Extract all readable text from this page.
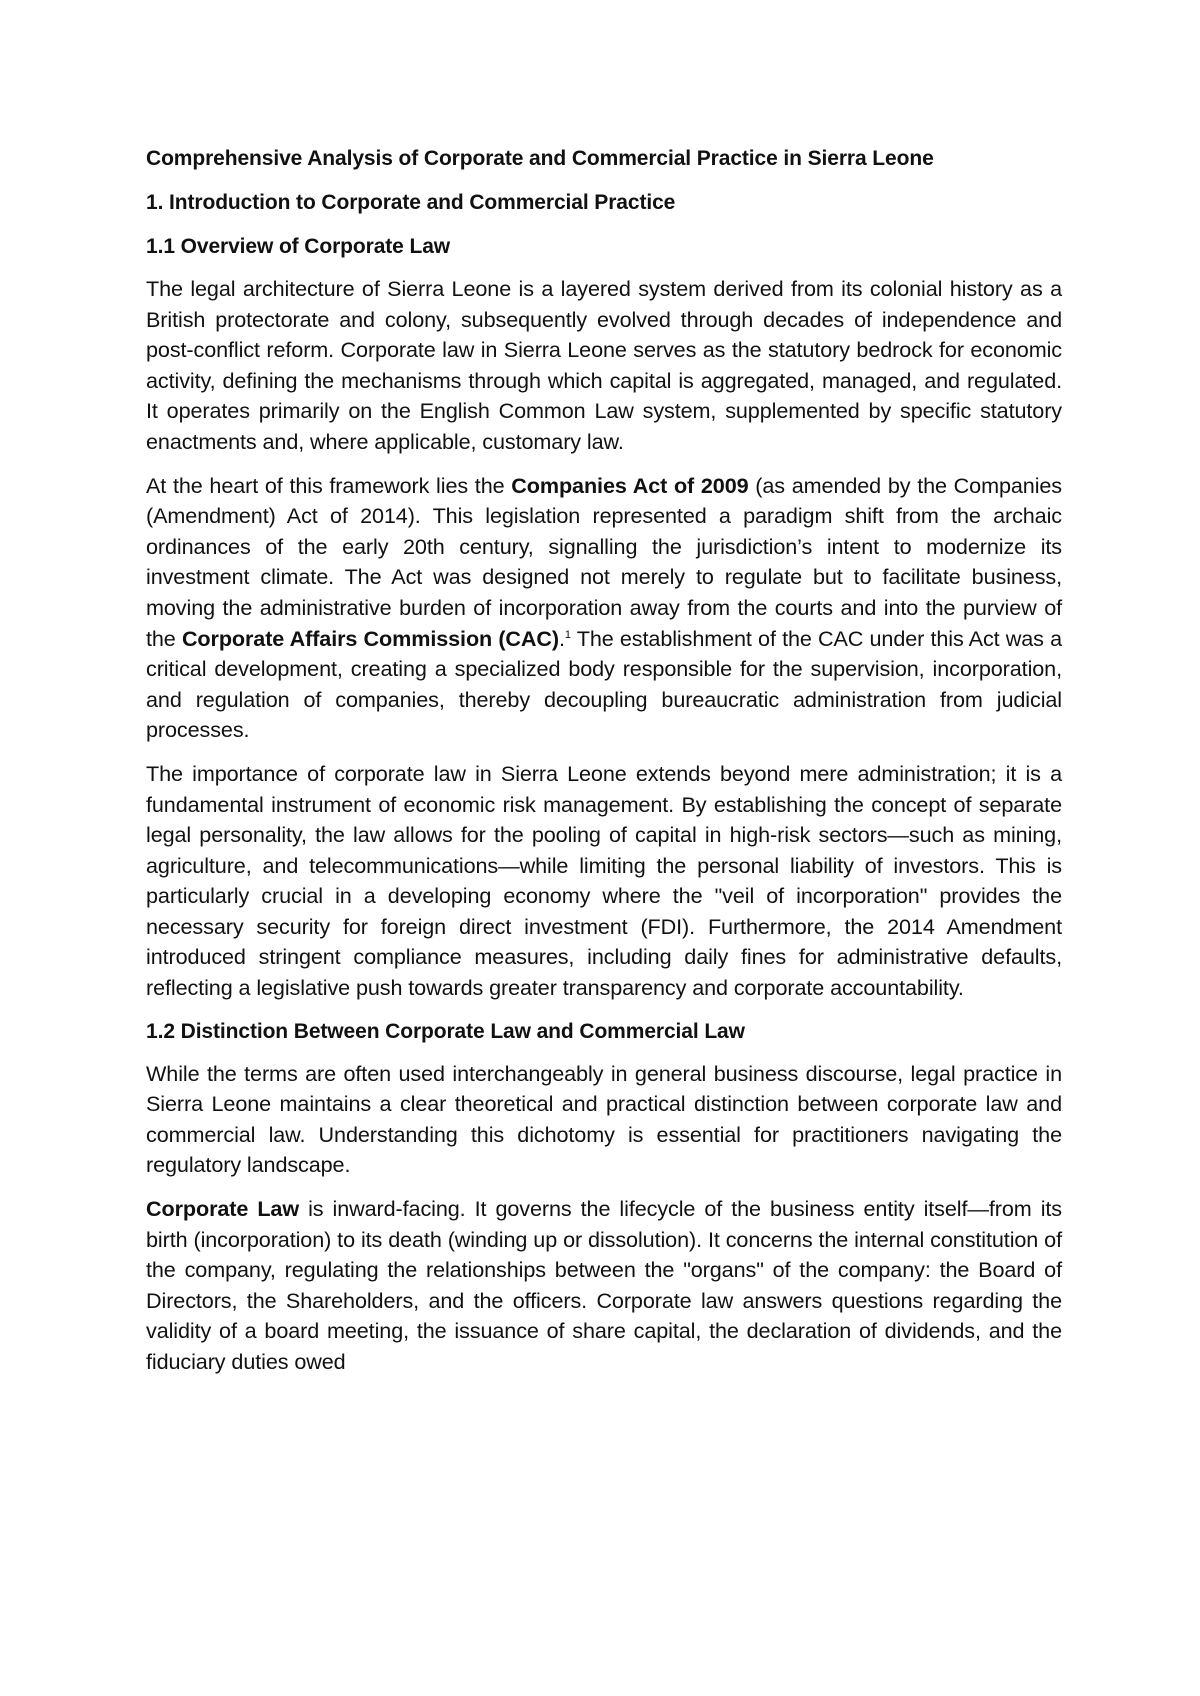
Comprehensive Analysis of Corporate and Commercial Practice in Sierra Leone
1. Introduction to Corporate and Commercial Practice
1.1 Overview of Corporate Law

The legal architecture of Sierra Leone is a layered system derived from its colonial history as a British protectorate and colony, subsequently evolved through decades of independence and post-conflict reform. Corporate law in Sierra Leone serves as the statutory bedrock for economic activity, defining the mechanisms through which capital is aggregated, managed, and regulated. It operates primarily on the English Common Law system, supplemented by specific statutory enactments and, where applicable, customary law.

At the heart of this framework lies the Companies Act of 2009 (as amended by the Companies (Amendment) Act of 2014). This legislation represented a paradigm shift from the archaic ordinances of the early 20th century, signalling the jurisdiction’s intent to modernize its investment climate. The Act was designed not merely to regulate but to facilitate business, moving the administrative burden of incorporation away from the courts and into the purview of the Corporate Affairs Commission (CAC).$^1$ The establishment of the CAC under this Act was a critical development, creating a specialized body responsible for the supervision, incorporation, and regulation of companies, thereby decoupling bureaucratic administration from judicial processes.

The importance of corporate law in Sierra Leone extends beyond mere administration; it is a fundamental instrument of economic risk management. By establishing the concept of separate legal personality, the law allows for the pooling of capital in high-risk sectors—such as mining, agriculture, and telecommunications—while limiting the personal liability of investors. This is particularly crucial in a developing economy where the "veil of incorporation" provides the necessary security for foreign direct investment (FDI). Furthermore, the 2014 Amendment introduced stringent compliance measures, including daily fines for administrative defaults, reflecting a legislative push towards greater transparency and corporate accountability.

1.2 Distinction Between Corporate Law and Commercial Law

While the terms are often used interchangeably in general business discourse, legal practice in Sierra Leone maintains a clear theoretical and practical distinction between corporate law and commercial law. Understanding this dichotomy is essential for practitioners navigating the regulatory landscape.

Corporate Law is inward-facing. It governs the lifecycle of the business entity itself—from its birth (incorporation) to its death (winding up or dissolution). It concerns the internal constitution of the company, regulating the relationships between the "organs" of the company: the Board of Directors, the Shareholders, and the officers. Corporate law answers questions regarding the validity of a board meeting, the issuance of share capital, the declaration of dividends, and the fiduciary duties owed
